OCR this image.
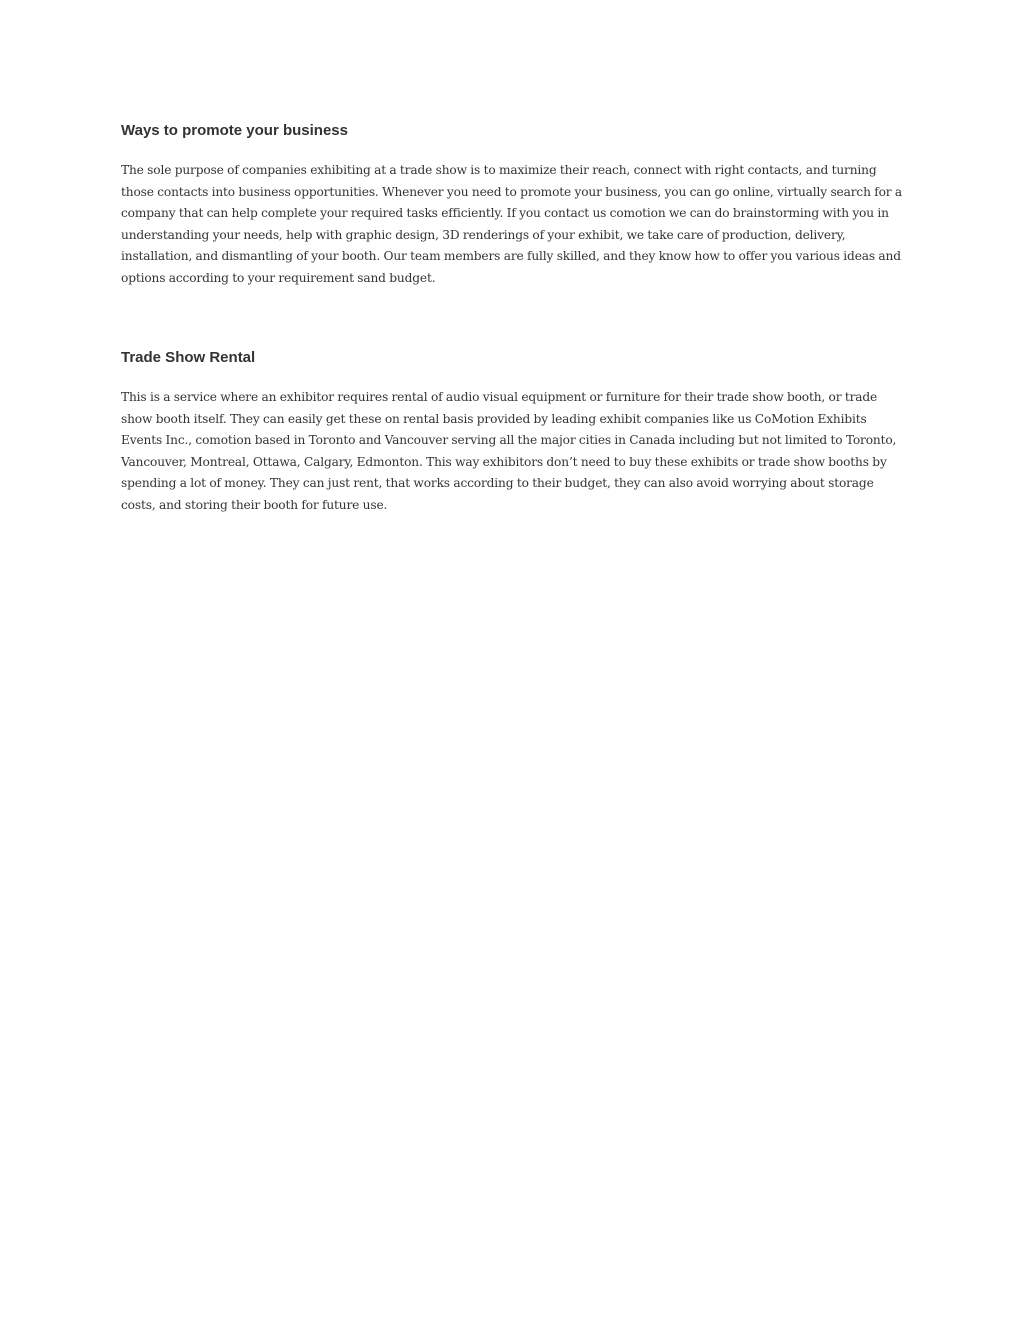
Ways to promote your business

The sole purpose of companies exhibiting at a trade show is to maximize their reach, connect with right contacts, and turning those contacts into business opportunities. Whenever you need to promote your business, you can go online, virtually search for a company that can help complete your required tasks efficiently. If you contact us comotion we can do brainstorming with you in understanding your needs, help with graphic design, 3D renderings of your exhibit, we take care of production, delivery, installation, and dismantling of your booth. Our team members are fully skilled, and they know how to offer you various ideas and options according to your requirement sand budget.

Trade Show Rental

This is a service where an exhibitor requires rental of audio visual equipment or furniture for their trade show booth, or trade show booth itself. They can easily get these on rental basis provided by leading exhibit companies like us CoMotion Exhibits Events Inc., comotion based in Toronto and Vancouver serving all the major cities in Canada including but not limited to Toronto, Vancouver, Montreal, Ottawa, Calgary, Edmonton. This way exhibitors don’t need to buy these exhibits or trade show booths by spending a lot of money. They can just rent, that works according to their budget, they can also avoid worrying about storage costs, and storing their booth for future use.
